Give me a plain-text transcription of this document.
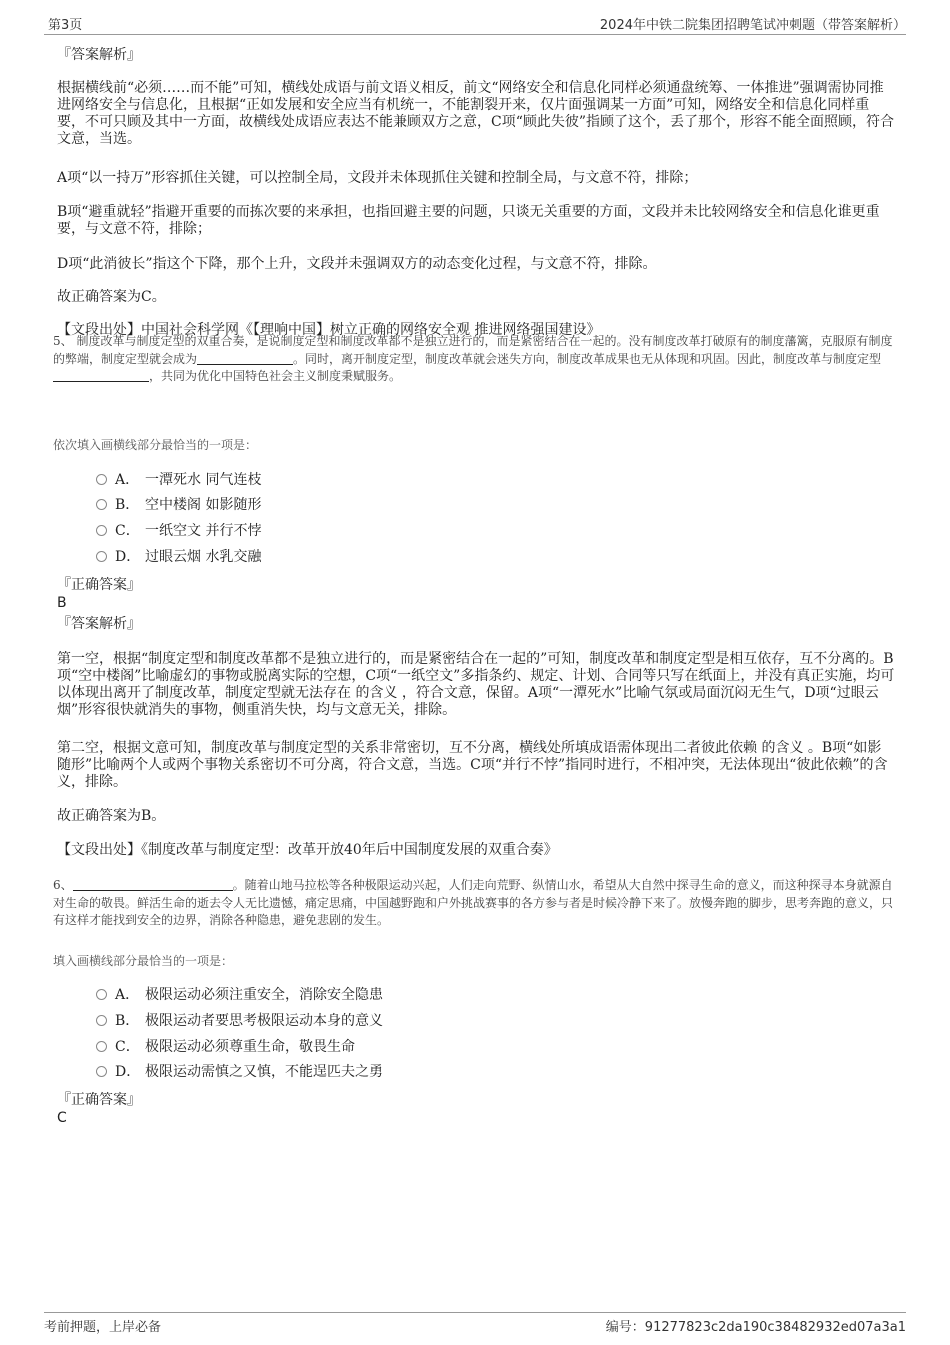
第3页	2024年中铁二院集团招聘笔试冲刺题（带答案解析）
『答案解析』
根据横线前“必须……而不能”可知，横线处成语与前文语义相反，前文“网络安全和信息化同样必须通盘统筹、一体推进”强调需协同推进网络安全与信息化，且根据“正如发展和安全应当有机统一，不能割裂开来，仅片面强调某一方面”可知，网络安全和信息化同样重要，不可只顾及其中一方面，故横线处成语应表达不能兼顾双方之意，C项“顾此失彼”指顾了这个，丢了那个，形容不能全面照顾，符合文意，当选。
A项“以一持万”形容抓住关键，可以控制全局，文段并未体现抓住关键和控制全局，与文意不符，排除；
B项“避重就轻”指避开重要的而拣次要的来承担，也指回避主要的问题，只谈无关重要的方面，文段并未比较网络安全和信息化谁更重要，与文意不符，排除；
D项“此消彼长”指这个下降，那个上升，文段并未强调双方的动态变化过程，与文意不符，排除。
故正确答案为C。
【文段出处】中国社会科学网《【理响中国】树立正确的网络安全观 推进网络强国建设》
5、 制度改革与制度定型的双重合奏，是说制度定型和制度改革都不是独立进行的，而是紧密结合在一起的。没有制度改革打破原有的制度藩篱，克服原有制度的弊端，制度定型就会成为	。同时，离开制度定型，制度改革就会迷失方向，制度改革成果也无从体现和巩固。因此，制度改革与制度定型，共同为优化中国特色社会主义制度秉赋服务。
依次填入画横线部分最恰当的一项是：
A． 一潭死水 同气连枝
B． 空中楼阁 如影随形
C． 一纸空文 并行不悖
D． 过眼云烟 水乳交融
『正确答案』
B
『答案解析』
第一空，根据“制度定型和制度改革都不是独立进行的，而是紧密结合在一起的”可知，制度改革和制度定型是相互依存，互不分离的。B项“空中楼阁”比喻虚幻的事物或脱离实际的空想，C项“一纸空文”多指条约、规定、计划、合同等只写在纸面上，并没有真正实施，均可以体现出离开了制度改革，制度定型就无法存在 的含义 ，符合文意，保留。A项“一潭死水”比喻气氛或局面沉闷无生气，D项“过眼云烟”形容很快就消失的事物，侧重消失快，均与文意无关，排除。
第二空，根据文意可知，制度改革与制度定型的关系非常密切，互不分离，横线处所填成语需体现出二者彼此依赖 的含义 。B项“如影随形”比喻两个人或两个事物关系密切不可分离，符合文意，当选。C项“并行不悖”指同时进行，不相冲突，无法体现出“彼此依赖”的含义，排除。
故正确答案为B。
【文段出处】《制度改革与制度定型：改革开放40年后中国制度发展的双重合奏》
6、	。随着山地马拉松等各种极限运动兴起，人们走向荒野、纵情山水，希望从大自然中探寻生命的意义，而这种探寻本身就源自对生命的敬畏。鲜活生命的逝去令人无比遗憾，痛定思痛，中国越野跑和户外挑战赛事的各方参与者是时候冷静下来了。放慢奔跑的脚步，思考奔跑的意义，只有这样才能找到安全的边界，消除各种隐患，避免悲剧的发生。
填入画横线部分最恰当的一项是：
A． 极限运动必须注重安全，消除安全隐患
B． 极限运动者要思考极限运动本身的意义
C． 极限运动必须尊重生命，敬畏生命
D． 极限运动需慎之又慎，不能逞匹夫之勇
『正确答案』
C
考前押题，上岸必备	编号：91277823c2da190c38482932ed07a3a1
